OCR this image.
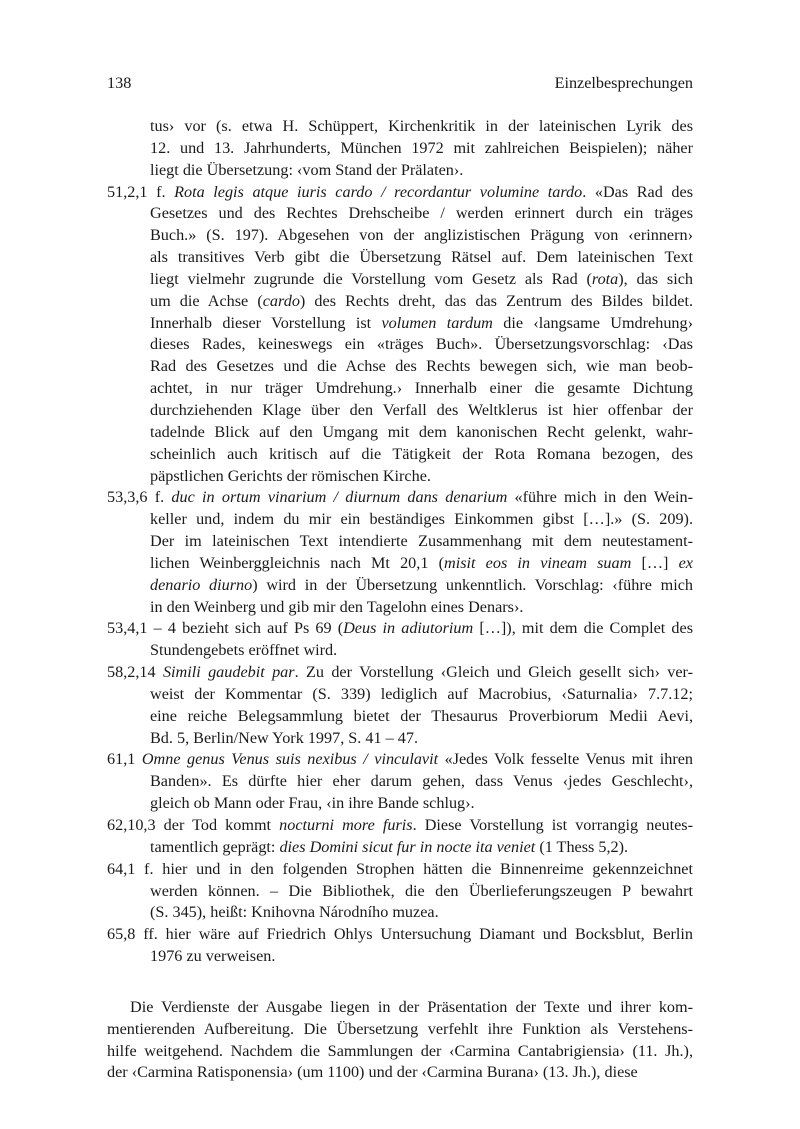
138	Einzelbesprechungen
tus› vor (s. etwa H. Schüppert, Kirchenkritik in der lateinischen Lyrik des
12. und 13. Jahrhunderts, München 1972 mit zahlreichen Beispielen); näher
liegt die Übersetzung: ‹vom Stand der Prälaten›.
51,2,1 f. Rota legis atque iuris cardo / recordantur volumine tardo. «Das Rad des
Gesetzes und des Rechtes Drehscheibe / werden erinnert durch ein träges
Buch.» (S. 197). Abgesehen von der anglizistischen Prägung von ‹erinnern›
als transitives Verb gibt die Übersetzung Rätsel auf. Dem lateinischen Text
liegt vielmehr zugrunde die Vorstellung vom Gesetz als Rad (rota), das sich
um die Achse (cardo) des Rechts dreht, das das Zentrum des Bildes bildet.
Innerhalb dieser Vorstellung ist volumen tardum die ‹langsame Umdrehung›
dieses Rades, keineswegs ein «träges Buch». Übersetzungsvorschlag: ‹Das
Rad des Gesetzes und die Achse des Rechts bewegen sich, wie man beob-
achtet, in nur träger Umdrehung.› Innerhalb einer die gesamte Dichtung
durchziehenden Klage über den Verfall des Weltklerus ist hier offenbar der
tadelnde Blick auf den Umgang mit dem kanonischen Recht gelenkt, wahr-
scheinlich auch kritisch auf die Tätigkeit der Rota Romana bezogen, des
päpstlichen Gerichts der römischen Kirche.
53,3,6 f. duc in ortum vinarium / diurnum dans denarium «führe mich in den Wein-
keller und, indem du mir ein beständiges Einkommen gibst […].» (S. 209).
Der im lateinischen Text intendierte Zusammenhang mit dem neutestament-
lichen Weinberggleichnis nach Mt 20,1 (misit eos in vineam suam […] ex
denario diurno) wird in der Übersetzung unkenntlich. Vorschlag: ‹führe mich
in den Weinberg und gib mir den Tagelohn eines Denars›.
53,4,1 – 4 bezieht sich auf Ps 69 (Deus in adiutorium […]), mit dem die Complet des
Stundengebets eröffnet wird.
58,2,14 Simili gaudebit par. Zu der Vorstellung ‹Gleich und Gleich gesellt sich› ver-
weist der Kommentar (S. 339) lediglich auf Macrobius, ‹Saturnalia› 7.7.12;
eine reiche Belegsammlung bietet der Thesaurus Proverbiorum Medii Aevi,
Bd. 5, Berlin/New York 1997, S. 41 – 47.
61,1 Omne genus Venus suis nexibus / vinculavit «Jedes Volk fesselte Venus mit ihren
Banden». Es dürfte hier eher darum gehen, dass Venus ‹jedes Geschlecht›,
gleich ob Mann oder Frau, ‹in ihre Bande schlug›.
62,10,3 der Tod kommt nocturni more furis. Diese Vorstellung ist vorrangig neutes-
tamentlich geprägt: dies Domini sicut fur in nocte ita veniet (1 Thess 5,2).
64,1 f. hier und in den folgenden Strophen hätten die Binnenreime gekennzeichnet
werden können. – Die Bibliothek, die den Überlieferungszeugen P bewahrt
(S. 345), heißt: Knihovna Národního muzea.
65,8 ff. hier wäre auf Friedrich Ohlys Untersuchung Diamant und Bocksblut, Berlin
1976 zu verweisen.
Die Verdienste der Ausgabe liegen in der Präsentation der Texte und ihrer kom-
mentierenden Aufbereitung. Die Übersetzung verfehlt ihre Funktion als Verstehens-
hilfe weitgehend. Nachdem die Sammlungen der ‹Carmina Cantabrigiensia› (11. Jh.),
der ‹Carmina Ratisponensia› (um 1100) und der ‹Carmina Burana› (13. Jh.), diese
